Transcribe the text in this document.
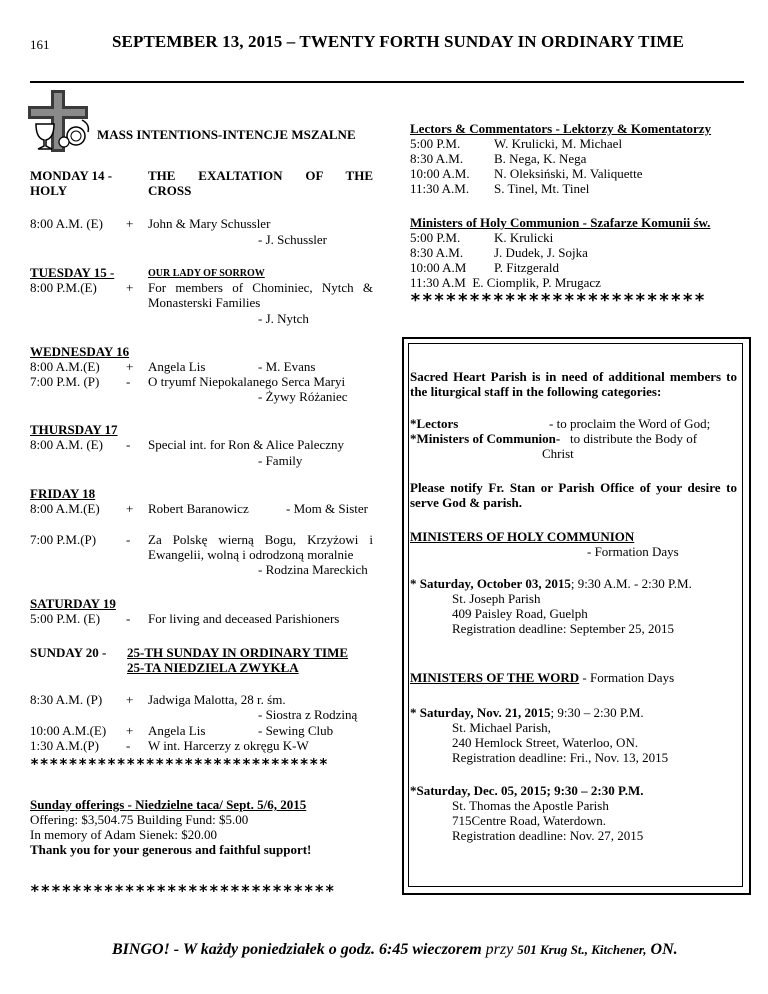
161	SEPTEMBER 13, 2015 – TWENTY FORTH SUNDAY IN ORDINARY TIME
MASS INTENTIONS-INTENCJE MSZALNE
MONDAY 14 -
HOLY
THE EXALTATION OF THE
CROSS
8:00 A.M. (E) + John & Mary Schussler
- J. Schussler
TUESDAY 15 -	OUR LADY OF SORROW
8:00 P.M.(E) + For members of Chominiec, Nytch &
Monasterski Families
- J. Nytch
WEDNESDAY 16
8:00 A.M.(E) + Angela Lis	- M. Evans
7:00 P.M. (P) - O tryumf Niepokalanego Serca Maryi
- Żywy Różaniec
THURSDAY 17
8:00 A.M. (E) - Special int. for Ron & Alice Paleczny
- Family
FRIDAY 18
8:00 A.M.(E) + Robert Baranowicz	- Mom & Sister
7:00 P.M.(P) - Za Polskę wierną Bogu, Krzyżowi i
Ewangelii, wolną i odrodzoną moralnie
- Rodzina Mareckich
SATURDAY 19
5:00 P.M. (E) - For living and deceased Parishioners
SUNDAY 20 - 25-TH SUNDAY IN ORDINARY TIME
25-TA NIEDZIELA ZWYKŁA
8:30 A.M. (P) + Jadwiga Malotta, 28 r. śm.
- Siostra z Rodziną
10:00 A.M.(E) + Angela Lis	- Sewing Club
1:30 A.M.(P) - W int. Harcerzy z okręgu K-W
*******************************
Sunday offerings - Niedzielne taca/ Sept. 5/6, 2015
Offering: $3,504.75 Building Fund: $5.00
In memory of Adam Sienek: $20.00
Thank you for your generous and faithful support!
*****************************
Lectors & Commentators - Lektorzy & Komentatorzy
5:00 P.M.	W. Krulicki, M. Michael
8:30 A.M. B. Nega, K. Nega
10:00 A.M. N. Oleksiński, M. Valiquette
11:30 A.M. S. Tinel, Mt. Tinel
Ministers of Holy Communion - Szafarze Komunii św.
5:00 P.M.	K. Krulicki
8:30 A.M. J. Dudek, J. Sojka
10:00 A.M P. Fitzgerald
11:30 A.M  E. Ciomplik, P. Mrugacz
*************************
Sacred Heart Parish is in need of additional members to the liturgical staff in the following categories:
*Lectors	- to proclaim the Word of God;
*Ministers of Communion- to distribute the Body of
Christ
Please notify Fr. Stan or Parish Office of your desire to serve God & parish.
MINISTERS OF HOLY COMMUNION
- Formation Days
* Saturday, October 03, 2015; 9:30 A.M. - 2:30 P.M.
St. Joseph Parish
409 Paisley Road, Guelph
Registration deadline: September 25, 2015
MINISTERS OF THE WORD - Formation Days
* Saturday, Nov. 21, 2015; 9:30 – 2:30 P.M.
St. Michael Parish,
240 Hemlock Street, Waterloo, ON.
Registration deadline: Fri., Nov. 13, 2015
*Saturday, Dec. 05, 2015; 9:30 – 2:30 P.M.
St. Thomas the Apostle Parish
715Centre Road, Waterdown.
Registration deadline: Nov. 27, 2015
BINGO! - W każdy poniedziałek o godz. 6:45 wieczorem przy 501 Krug St., Kitchener, ON.
